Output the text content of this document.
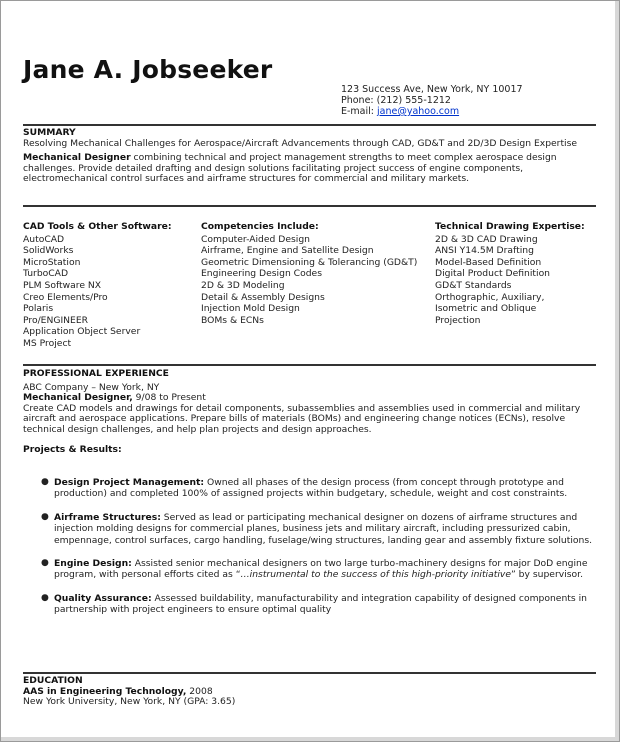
Jane A. Jobseeker
123 Success Ave, New York, NY 10017
Phone: (212) 555-1212
E-mail: jane@yahoo.com
SUMMARY
Resolving Mechanical Challenges for Aerospace/Aircraft Advancements through CAD, GD&T and 2D/3D Design Expertise
Mechanical Designer combining technical and project management strengths to meet complex aerospace design challenges. Provide detailed drafting and design solutions facilitating project success of engine components, electromechanical control surfaces and airframe structures for commercial and military markets.
CAD Tools & Other Software:
AutoCAD
SolidWorks
MicroStation
TurboCAD
PLM Software NX
Creo Elements/Pro
Polaris
Pro/ENGINEER
Application Object Server
MS Project
Competencies Include:
Computer-Aided Design
Airframe, Engine and Satellite Design
Geometric Dimensioning & Tolerancing (GD&T)
Engineering Design Codes
2D & 3D Modeling
Detail & Assembly Designs
Injection Mold Design
BOMs & ECNs
Technical Drawing Expertise:
2D & 3D CAD Drawing
ANSI Y14.5M Drafting
Model-Based Definition
Digital Product Definition
GD&T Standards
Orthographic, Auxiliary,
Isometric and Oblique
Projection
PROFESSIONAL EXPERIENCE
ABC Company – New York, NY
Mechanical Designer, 9/08 to Present
Create CAD models and drawings for detail components, subassemblies and assemblies used in commercial and military aircraft and aerospace applications. Prepare bills of materials (BOMs) and engineering change notices (ECNs), resolve technical design challenges, and help plan projects and design approaches.
Projects & Results:
● Design Project Management: Owned all phases of the design process (from concept through prototype and production) and completed 100% of assigned projects within budgetary, schedule, weight and cost constraints.
● Airframe Structures: Served as lead or participating mechanical designer on dozens of airframe structures and injection molding designs for commercial planes, business jets and military aircraft, including pressurized cabin, empennage, control surfaces, cargo handling, fuselage/wing structures, landing gear and assembly fixture solutions.
● Engine Design: Assisted senior mechanical designers on two large turbo-machinery designs for major DoD engine program, with personal efforts cited as “…instrumental to the success of this high-priority initiative” by supervisor.
● Quality Assurance: Assessed buildability, manufacturability and integration capability of designed components in partnership with project engineers to ensure optimal quality
EDUCATION
AAS in Engineering Technology, 2008
New York University, New York, NY (GPA: 3.65)
